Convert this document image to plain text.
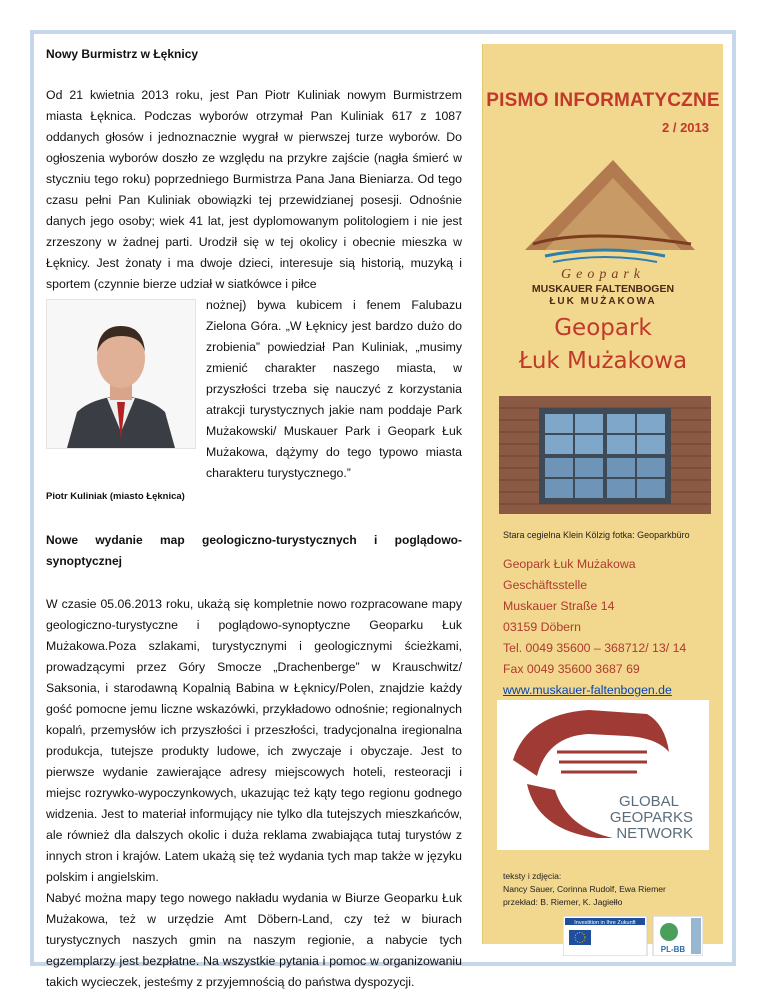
Nowy Burmistrz w Łęknicy

Od 21 kwietnia 2013 roku, jest Pan Piotr Kuliniak nowym Burmistrzem miasta Łęknica. Podczas wyborów otrzymał Pan Kuliniak 617 z 1087 oddanych głosów i jednoznacznie wygrał w pierwszej turze wyborów. Do ogłoszenia wyborów doszło ze względu na przykre zajście (nagła śmierć w styczniu tego roku) poprzedniego Burmistrza Pana Jana Bieniarza. Od tego czasu pełni Pan Kuliniak obowiązki tej przewidzianej posesji. Odnośnie danych jego osoby; wiek 41 lat, jest dyplomowanym politologiem i nie jest zrzeszony w żadnej parti. Urodził się w tej okolicy i obecnie mieszka w Łęknicy. Jest żonaty i ma dwoje dzieci, interesuje sią historią, muzyką i sportem (czynnie bierze udział w siatkówce i piłce

nożnej) bywa kubicem i fenem Falubazu Zielona Góra. „W Łęknicy jest bardzo dużo do zrobienia” powiedział Pan Kuliniak, „musimy zmienić charakter naszego miasta, w przyszłości trzeba się nauczyć z korzystania atrakcji turystycznych jakie nam poddaje Park Mużakowski/ Muskauer Park i Geopark Łuk Mużakowa, dążymy do tego typowo miasta charakteru turystycznego.”

Piotr Kuliniak (miasto Łęknica)

Nowe wydanie map geologiczno-turystycznych i poglądowo-synoptycznej

W czasie 05.06.2013 roku, ukażą się kompletnie nowo rozpracowane mapy geologiczno-turystyczne i poglądowo-synoptyczne Geoparku Łuk Mużakowa.Poza szlakami, turystycznymi i geologicznymi ścieżkami, prowadzącymi przez Góry Smocze „Drachenberge” w Krauschwitz/ Saksonia, i starodawną Kopalnią Babina w Łęknicy/Polen, znajdzie każdy gość pomocne jemu liczne wskazówki, przykładowo odnośnie; regionalnych kopalń, przemysłów ich przyszłości i przeszłości, tradycjonalna iregionalna produkcja, tutejsze produkty ludowe, ich zwyczaje i obyczaje. Jest to pierwsze wydanie zawierające adresy miejscowych hoteli, resteoracji i miejsc rozrywko-wypoczynkowych, ukazując też kąty tego regionu godnego widzenia. Jest to materiał informujący nie tylko dla tutejszych mieszkańców, ale również dla dalszych okolic i duża reklama zwabiająca tutaj turystów z innych stron i krajów. Latem ukażą się też wydania tych map także w języku polskim i angielskim.

Nabyć można mapy tego nowego nakładu wydania w Biurze Geoparku Łuk Mużakowa, też w urzędzie Amt Döbern-Land, czy też w biurach turystycznych naszych gmin na naszym regionie, a nabycie tych egzemplarzy jest bezpłatne. Na wszystkie pytania i pomoc w organizowaniu takich wycieczek, jesteśmy z przyjemnością do państwa dyspozycji.

PISMO INFORMATYCZNE
2 / 2013
Geopark
MUSKAUER FALTENBOGEN
ŁUK MUŻAKOWA
Geopark
Łuk Mużakowa
Stara cegielna Klein Kölzig fotka: Geoparkbüro
Geopark Łuk Mużakowa
Geschäftsstelle
Muskauer Straße 14
03159 Döbern
Tel. 0049 35600 – 368712/ 13/ 14
Fax 0049 35600 3687 69
www.muskauer-faltenbogen.de
GLOBAL
GEOPARKS
NETWORK
teksty i zdjęcia:
Nancy Sauer, Corinna Rudolf, Ewa Riemer
przekład: B. Riemer, K. Jagiełło
Investition in Ihre Zukunft
PL-BB
